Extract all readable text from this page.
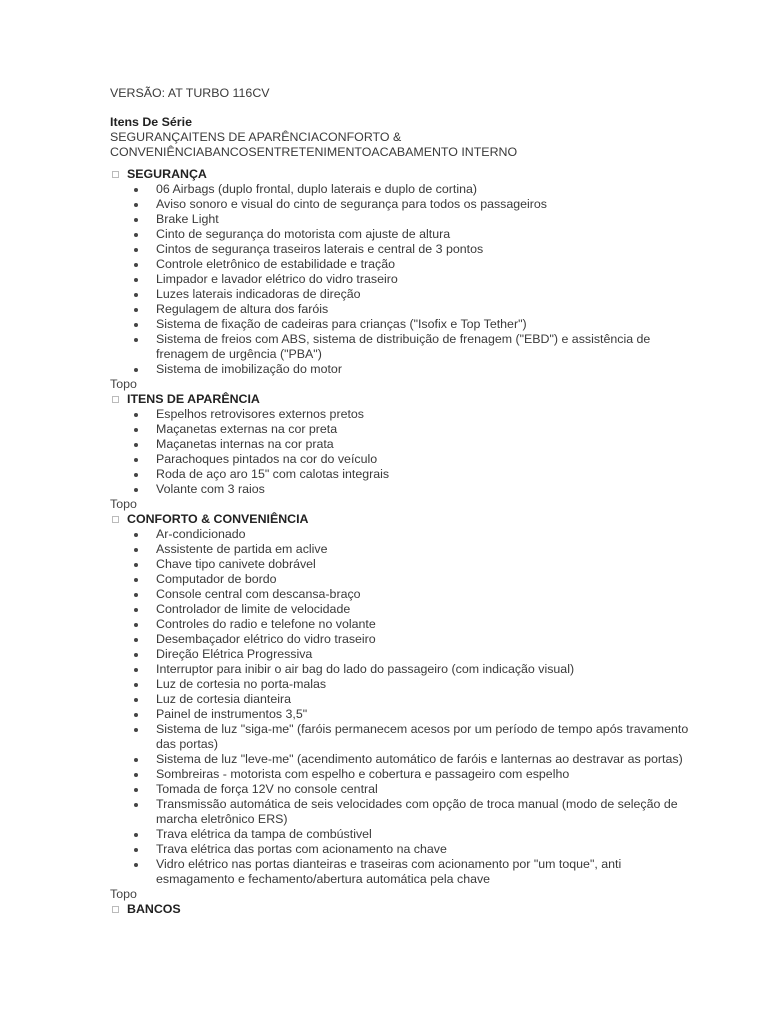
VERSÃO: AT TURBO 116CV
Itens De Série
SEGURANÇAITENS DE APARÊNCIACONFORTO & CONVENIÊNCIABANCOSENTRETENIMENTOACABAMENTO INTERNO
SEGURANÇA
06 Airbags (duplo frontal, duplo laterais e duplo de cortina)
Aviso sonoro e visual do cinto de segurança para todos os passageiros
Brake Light
Cinto de segurança do motorista com ajuste de altura
Cintos de segurança traseiros laterais e central de 3 pontos
Controle eletrônico de estabilidade e tração
Limpador e lavador elétrico do vidro traseiro
Luzes laterais indicadoras de direção
Regulagem de altura dos faróis
Sistema de fixação de cadeiras para crianças ("Isofix e Top Tether")
Sistema de freios com ABS, sistema de distribuição de frenagem ("EBD") e assistência de frenagem de urgência ("PBA")
Sistema de imobilização do motor
Topo
ITENS DE APARÊNCIA
Espelhos retrovisores externos pretos
Maçanetas externas na cor preta
Maçanetas internas na cor prata
Parachoques pintados na cor do veículo
Roda de aço aro 15" com calotas integrais
Volante com 3 raios
Topo
CONFORTO & CONVENIÊNCIA
Ar-condicionado
Assistente de partida em aclive
Chave tipo canivete dobrável
Computador de bordo
Console central com descansa-braço
Controlador de limite de velocidade
Controles do radio e telefone no volante
Desembaçador elétrico do vidro traseiro
Direção Elétrica Progressiva
Interruptor para inibir o air bag do lado do passageiro (com indicação visual)
Luz de cortesia no porta-malas
Luz de cortesia dianteira
Painel de instrumentos 3,5"
Sistema de luz "siga-me" (faróis permanecem acesos por um período de tempo após travamento das portas)
Sistema de luz "leve-me" (acendimento automático de faróis e lanternas ao destravar as portas)
Sombreiras - motorista com espelho e cobertura e passageiro com espelho
Tomada de força 12V no console central
Transmissão automática de seis velocidades com opção de troca manual (modo de seleção de marcha eletrônico ERS)
Trava elétrica da tampa de combústivel
Trava elétrica das portas com acionamento na chave
Vidro elétrico nas portas dianteiras e traseiras com acionamento por "um toque", anti esmagamento e fechamento/abertura automática pela chave
Topo
BANCOS
